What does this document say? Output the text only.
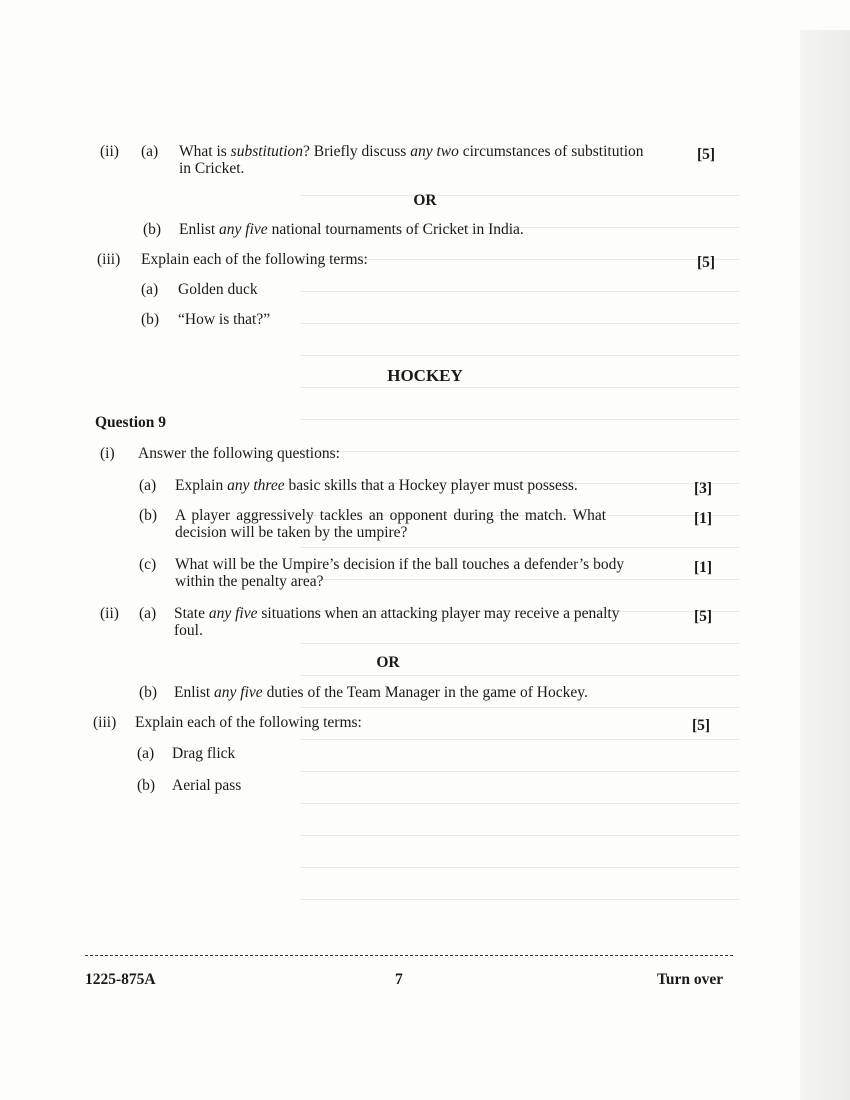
(ii) (a) What is substitution? Briefly discuss any two circumstances of substitution
in Cricket.
[5]
OR
(b) Enlist any five national tournaments of Cricket in India.
(iii) Explain each of the following terms:	[5]
(a) Golden duck
(b) “How is that?”
HOCKEY
Question 9
(i) Answer the following questions:
(a) Explain any three basic skills that a Hockey player must possess.	[3]
(b) A player aggressively tackles an opponent during the match. What
decision will be taken by the umpire?
[1]
(c) What will be the Umpire’s decision if the ball touches a defender’s body
within the penalty area?
[1]
(ii) (a) State any five situations when an attacking player may receive a penalty
foul.
[5]
OR
(b) Enlist any five duties of the Team Manager in the game of Hockey.
(iii) Explain each of the following terms:	[5]
(a) Drag flick
(b) Aerial pass
1225-875A	7	Turn over
